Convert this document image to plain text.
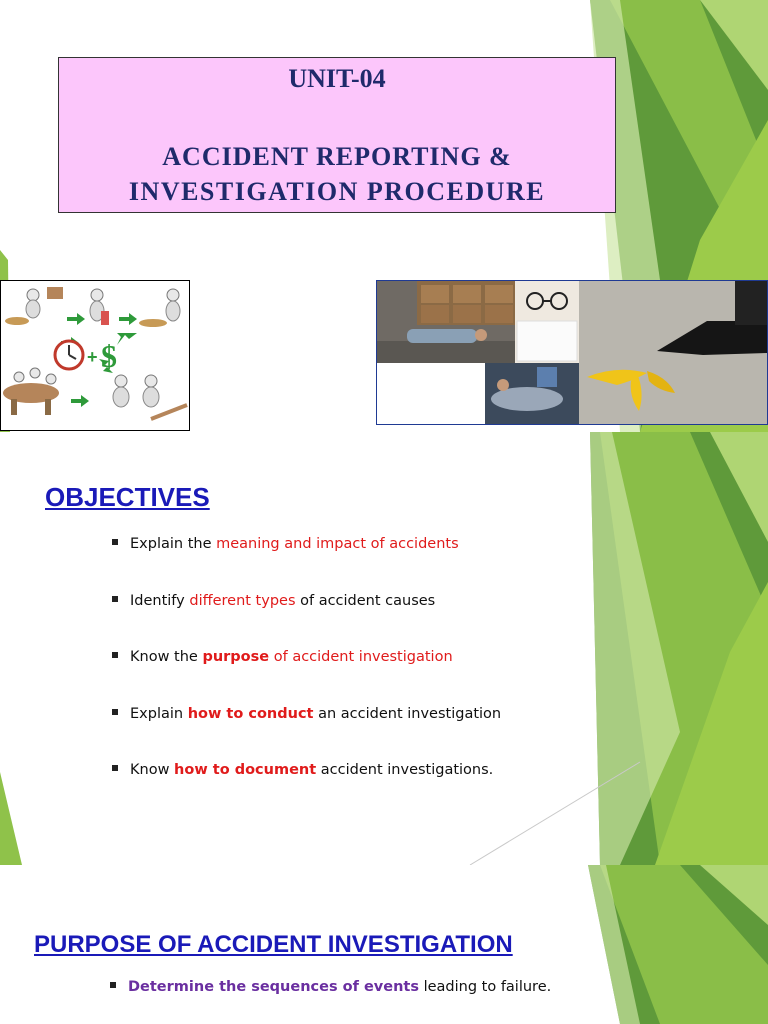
UNIT-04
ACCIDENT REPORTING &
INVESTIGATION PROCEDURE
+ $
OBJECTIVES
Explain the meaning and impact of accidents
Identify different types of accident causes
Know the purpose of accident investigation
Explain how to conduct an accident investigation
Know how to document accident investigations.
PURPOSE OF ACCIDENT INVESTIGATION
Determine the sequences of events leading to failure.
